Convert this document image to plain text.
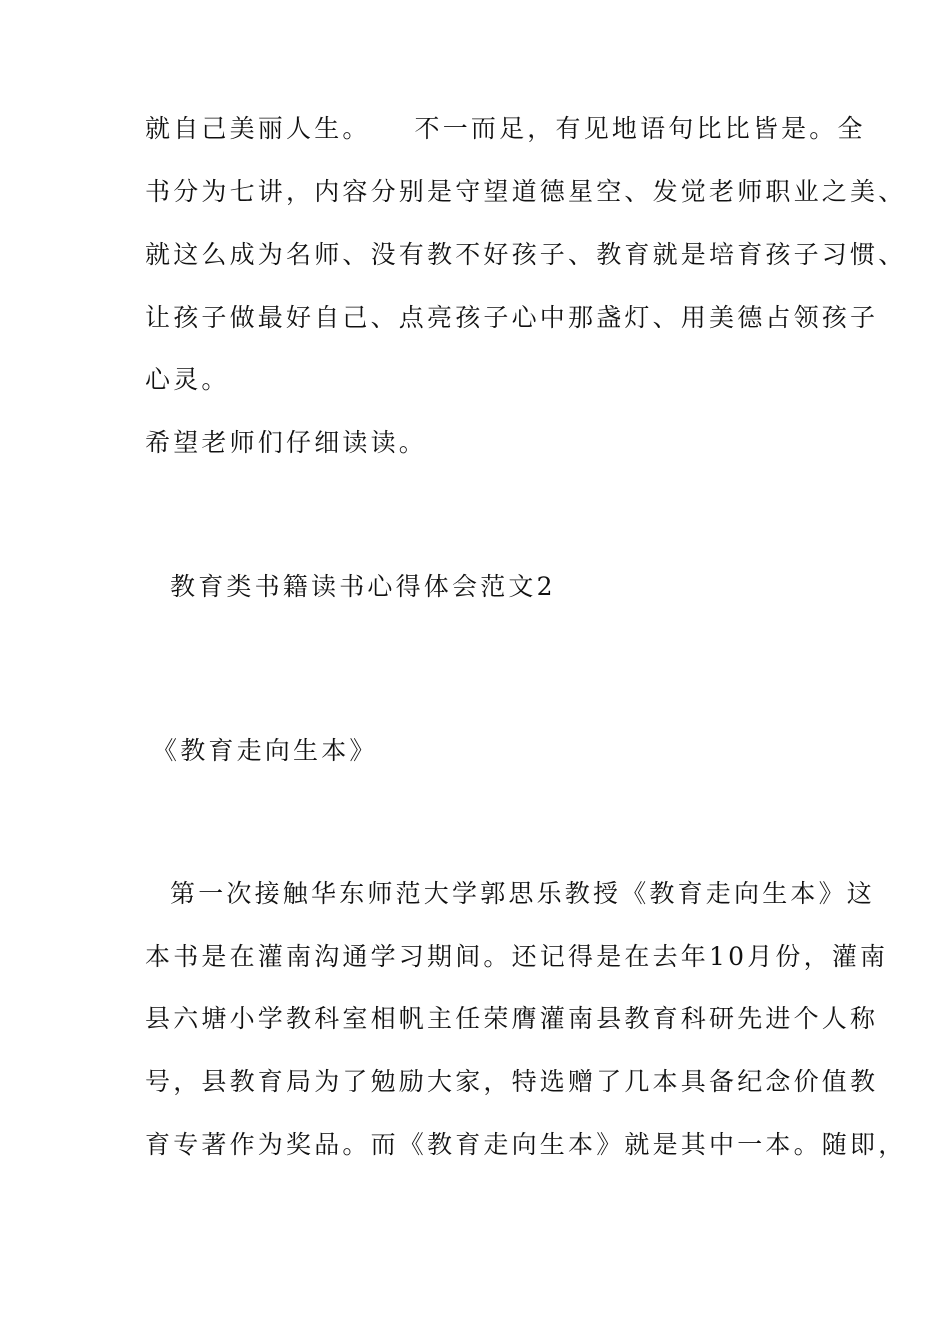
就自己美丽人生。　　不一而足，有见地语句比比皆是。全
书分为七讲，内容分别是守望道德星空、发觉老师职业之美、
就这么成为名师、没有教不好孩子、教育就是培育孩子习惯、
让孩子做最好自己、点亮孩子心中那盏灯、用美德占领孩子
心灵。
希望老师们仔细读读。
教育类书籍读书心得体会范文2
《教育走向生本》
第一次接触华东师范大学郭思乐教授《教育走向生本》这
本书是在灌南沟通学习期间。还记得是在去年10月份，灌南
县六塘小学教科室相帆主任荣膺灌南县教育科研先进个人称
号，县教育局为了勉励大家，特选赠了几本具备纪念价值教
育专著作为奖品。而《教育走向生本》就是其中一本。随即，
